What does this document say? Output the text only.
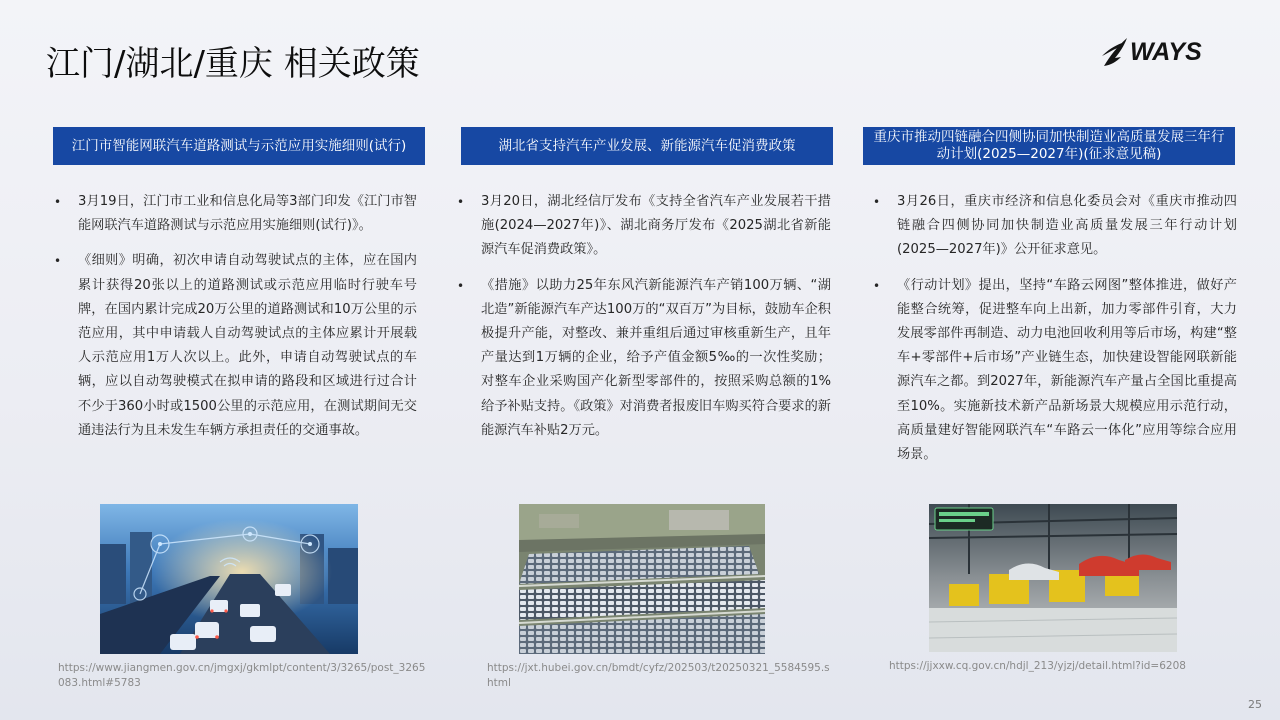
江门/湖北/重庆 相关政策	WAYS
江门市智能网联汽车道路测试与示范应用实施细则(试行)
• 3月19日，江门市工业和信息化局等3部门印发《江门市智能网联汽车道路测试与示范应用实施细则(试行)》。
• 《细则》明确，初次申请自动驾驶试点的主体，应在国内累计获得20张以上的道路测试或示范应用临时行驶车号牌，在国内累计完成20万公里的道路测试和10万公里的示范应用，其中申请载人自动驾驶试点的主体应累计开展载人示范应用1万人次以上。此外，申请自动驾驶试点的车辆，应以自动驾驶模式在拟申请的路段和区域进行过合计不少于360小时或1500公里的示范应用，在测试期间无交通违法行为且未发生车辆方承担责任的交通事故。
https://www.jiangmen.gov.cn/jmgxj/gkmlpt/content/3/3265/post_3265083.html#5783
湖北省支持汽车产业发展、新能源汽车促消费政策
• 3月20日，湖北经信厅发布《支持全省汽车产业发展若干措施(2024—2027年)》、湖北商务厅发布《2025湖北省新能源汽车促消费政策》。
• 《措施》以助力25年东风汽新能源汽车产销100万辆、“湖北造”新能源汽车产达100万的“双百万”为目标，鼓励车企积极提升产能，对整改、兼并重组后通过审核重新生产，且年产量达到1万辆的企业，给予产值金额5‰的一次性奖励；对整车企业采购国产化新型零部件的，按照采购总额的1%给予补贴支持。《政策》对消费者报废旧车购买符合要求的新能源汽车补贴2万元。
https://jxt.hubei.gov.cn/bmdt/cyfz/202503/t20250321_5584595.shtml
重庆市推动四链融合四侧协同加快制造业高质量发展三年行动计划(2025—2027年)(征求意见稿)
• 3月26日，重庆市经济和信息化委员会对《重庆市推动四链融合四侧协同加快制造业高质量发展三年行动计划(2025—2027年)》公开征求意见。
• 《行动计划》提出，坚持“车路云网图”整体推进，做好产能整合统筹，促进整车向上出新，加力零部件引育，大力发展零部件再制造、动力电池回收利用等后市场，构建“整车+零部件+后市场”产业链生态，加快建设智能网联新能源汽车之都。到2027年，新能源汽车产量占全国比重提高至10%。实施新技术新产品新场景大规模应用示范行动，高质量建好智能网联汽车“车路云一体化”应用等综合应用场景。
https://jjxxw.cq.gov.cn/hdjl_213/yjzj/detail.html?id=6208
25
